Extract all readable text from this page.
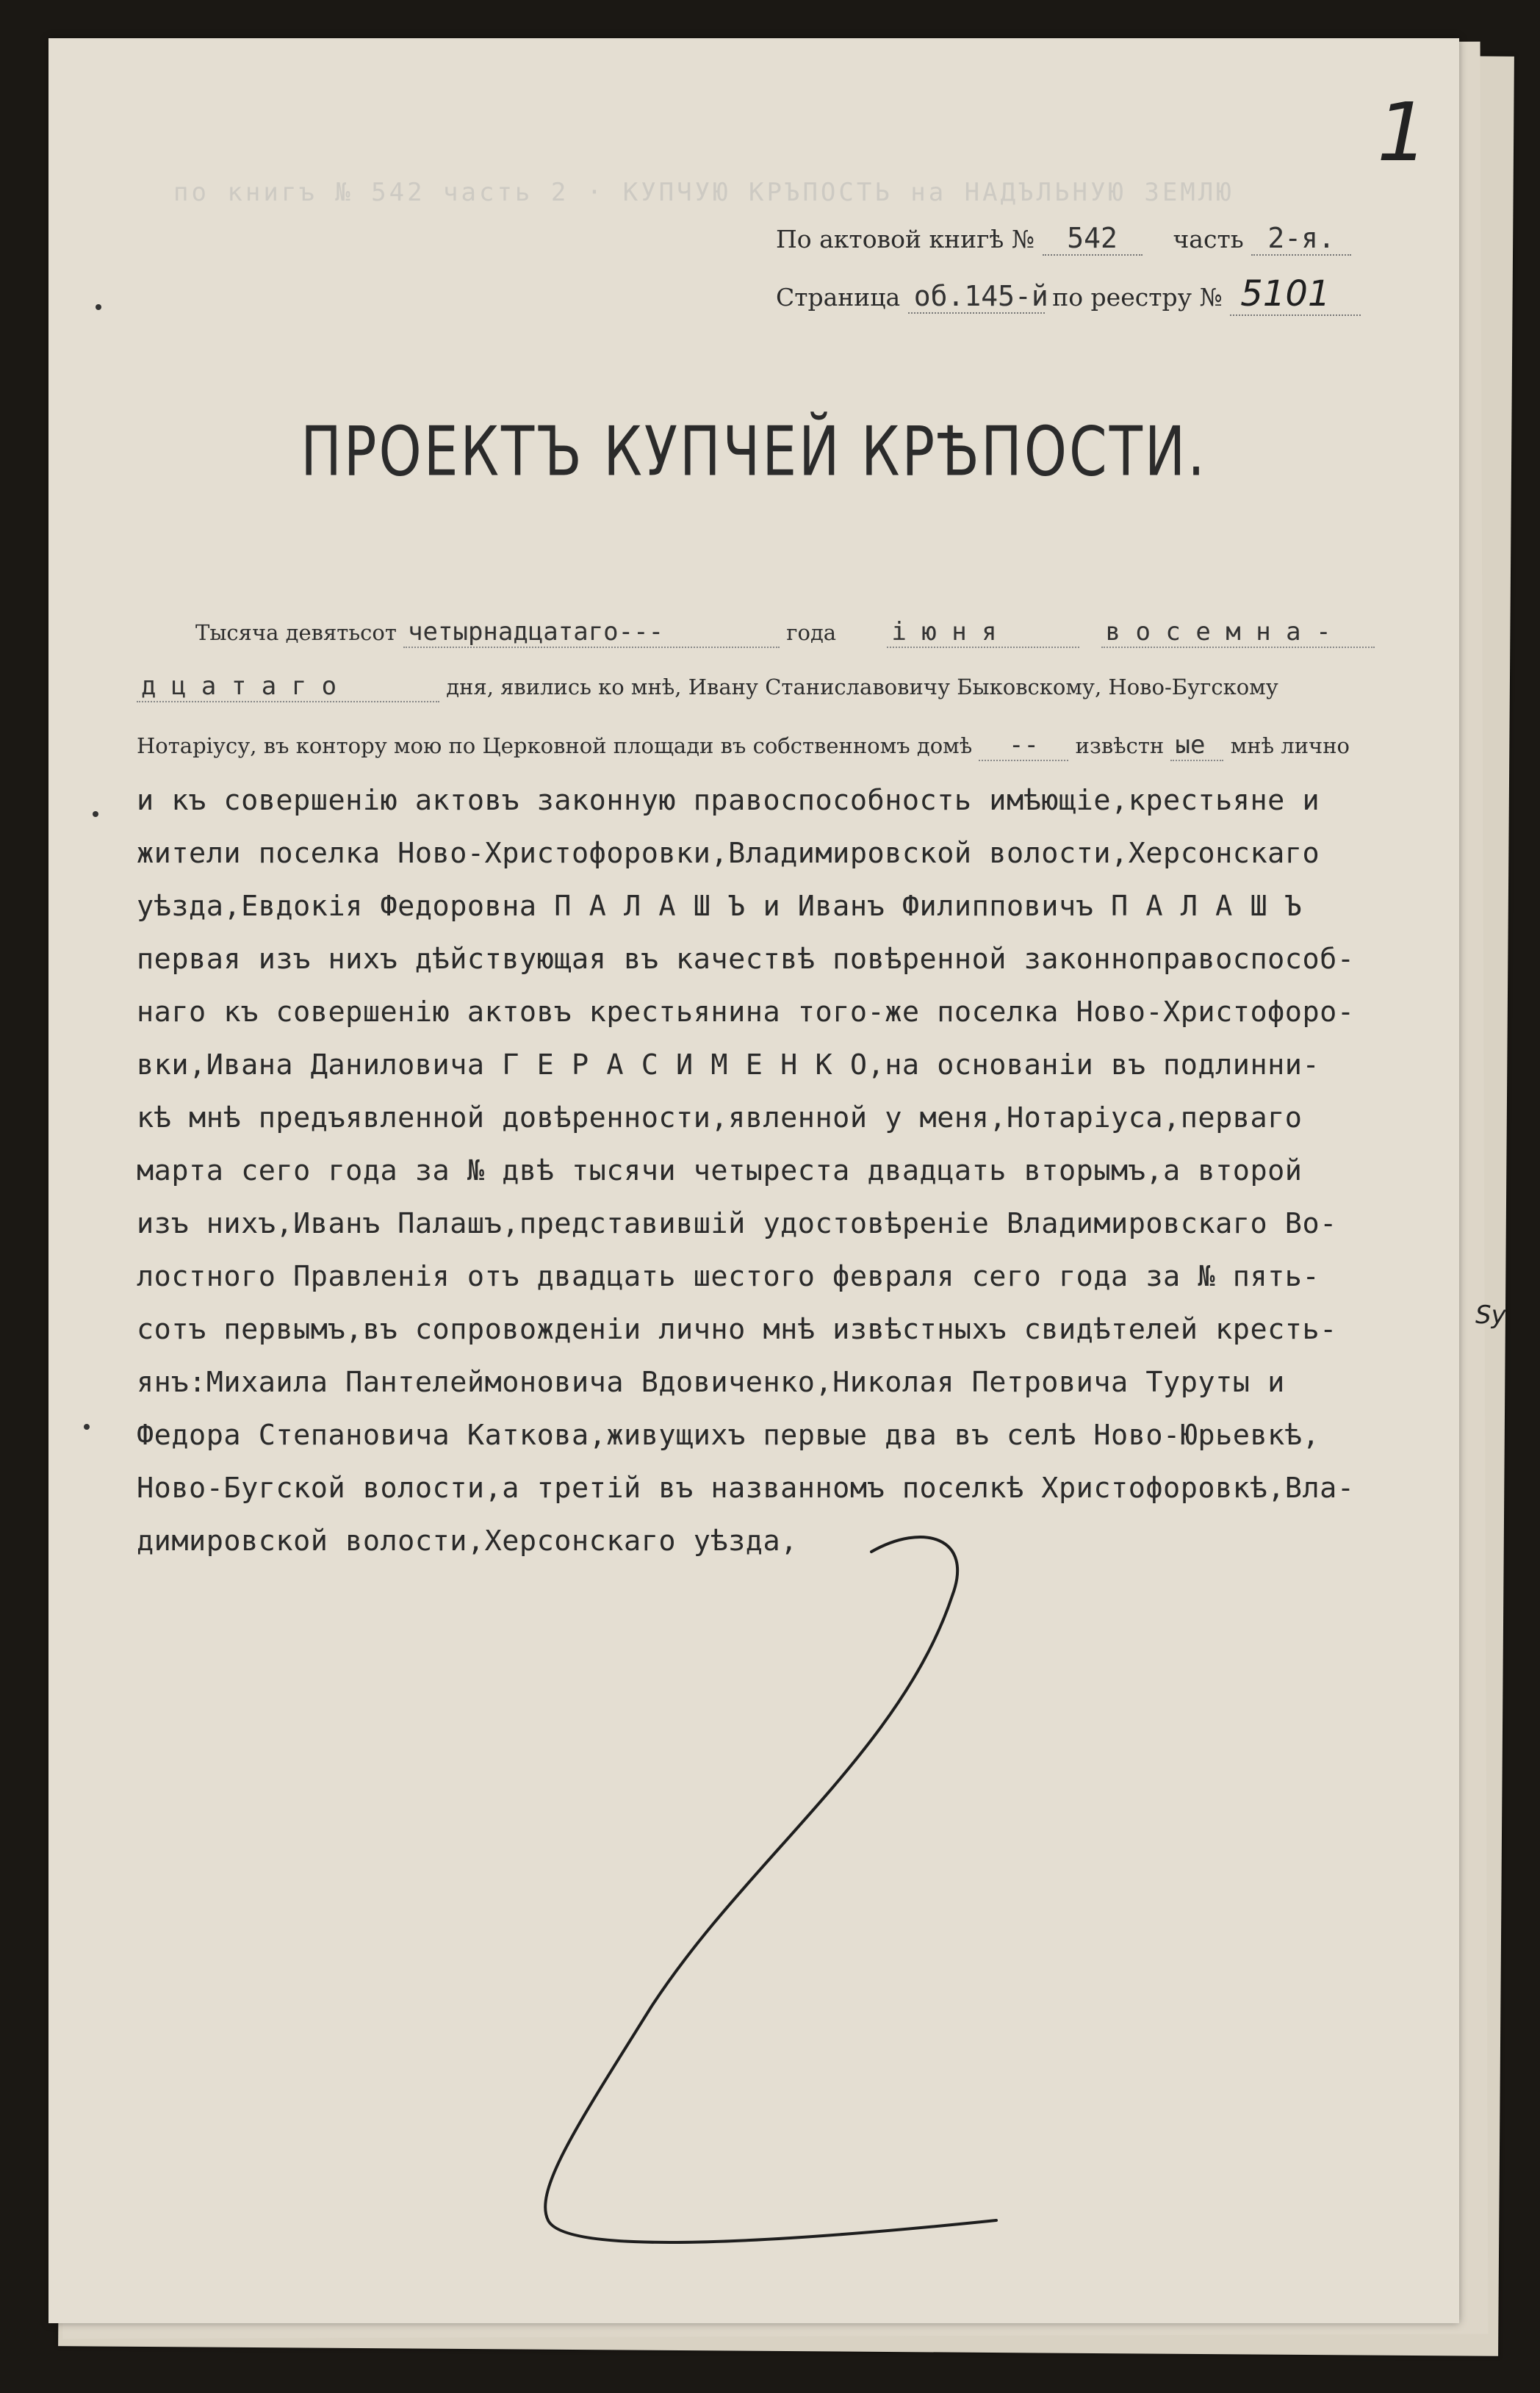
по книгъ № 542 часть 2 · КУПЧУЮ КРЪПОСТЬ на НАДЪЛЬНУЮ ЗЕМЛЮ
1
По актовой книгѣ № 542 часть 2-я.
Страница об.145-й по реестру № 5101
ПРОЕКТЪ КУПЧЕЙ КРѢПОСТИ.
Тысяча девятьсот четырнадцатаго---	года i ю н я	в о с е м н а -
д ц а т а г о	дня, явились ко мнѣ, Ивану Станиславовичу Быковскому, Ново-Бугскому
Нотаріусу, въ контору мою по Церковной площади въ собственномъ домѣ -- извѣстн ые мнѣ лично
и къ совершенію актовъ законную правоспособность имѣющіе,крестьяне и
жители поселка Ново-Христофоровки,Владимировской волости,Херсонскаго
уѣзда,Евдокія Федоровна П А Л А Ш Ъ и Иванъ Филипповичъ П А Л А Ш Ъ
первая изъ нихъ дѣйствующая въ качествѣ повѣренной законноправоспособ-
наго къ совершенію актовъ крестьянина того-же поселка Ново-Христофоро-
вки,Ивана Даниловича Г Е Р А С И М Е Н К О,на основаніи въ подлинни-
кѣ мнѣ предъявленной довѣренности,явленной у меня,Нотаріуса,перваго
марта сего года за № двѣ тысячи четыреста двадцать вторымъ,а второй
изъ нихъ,Иванъ Палашъ,представившій удостовѣреніе Владимировскаго Во-
лостного Правленія отъ двадцать шестого февраля сего года за № пять-
сотъ первымъ,въ сопровожденіи лично мнѣ извѣстныхъ свидѣтелей кресть-
янъ:Михаила Пантелеймоновича Вдовиченко,Николая Петровича Туруты и
Федора Степановича Каткова,живущихъ первые два въ селѣ Ново-Юрьевкѣ,
Ново-Бугской волости,а третій въ названномъ поселкѣ Христофоровкѣ,Вла-
димировской волости,Херсонскаго уѣзда,
Sy
